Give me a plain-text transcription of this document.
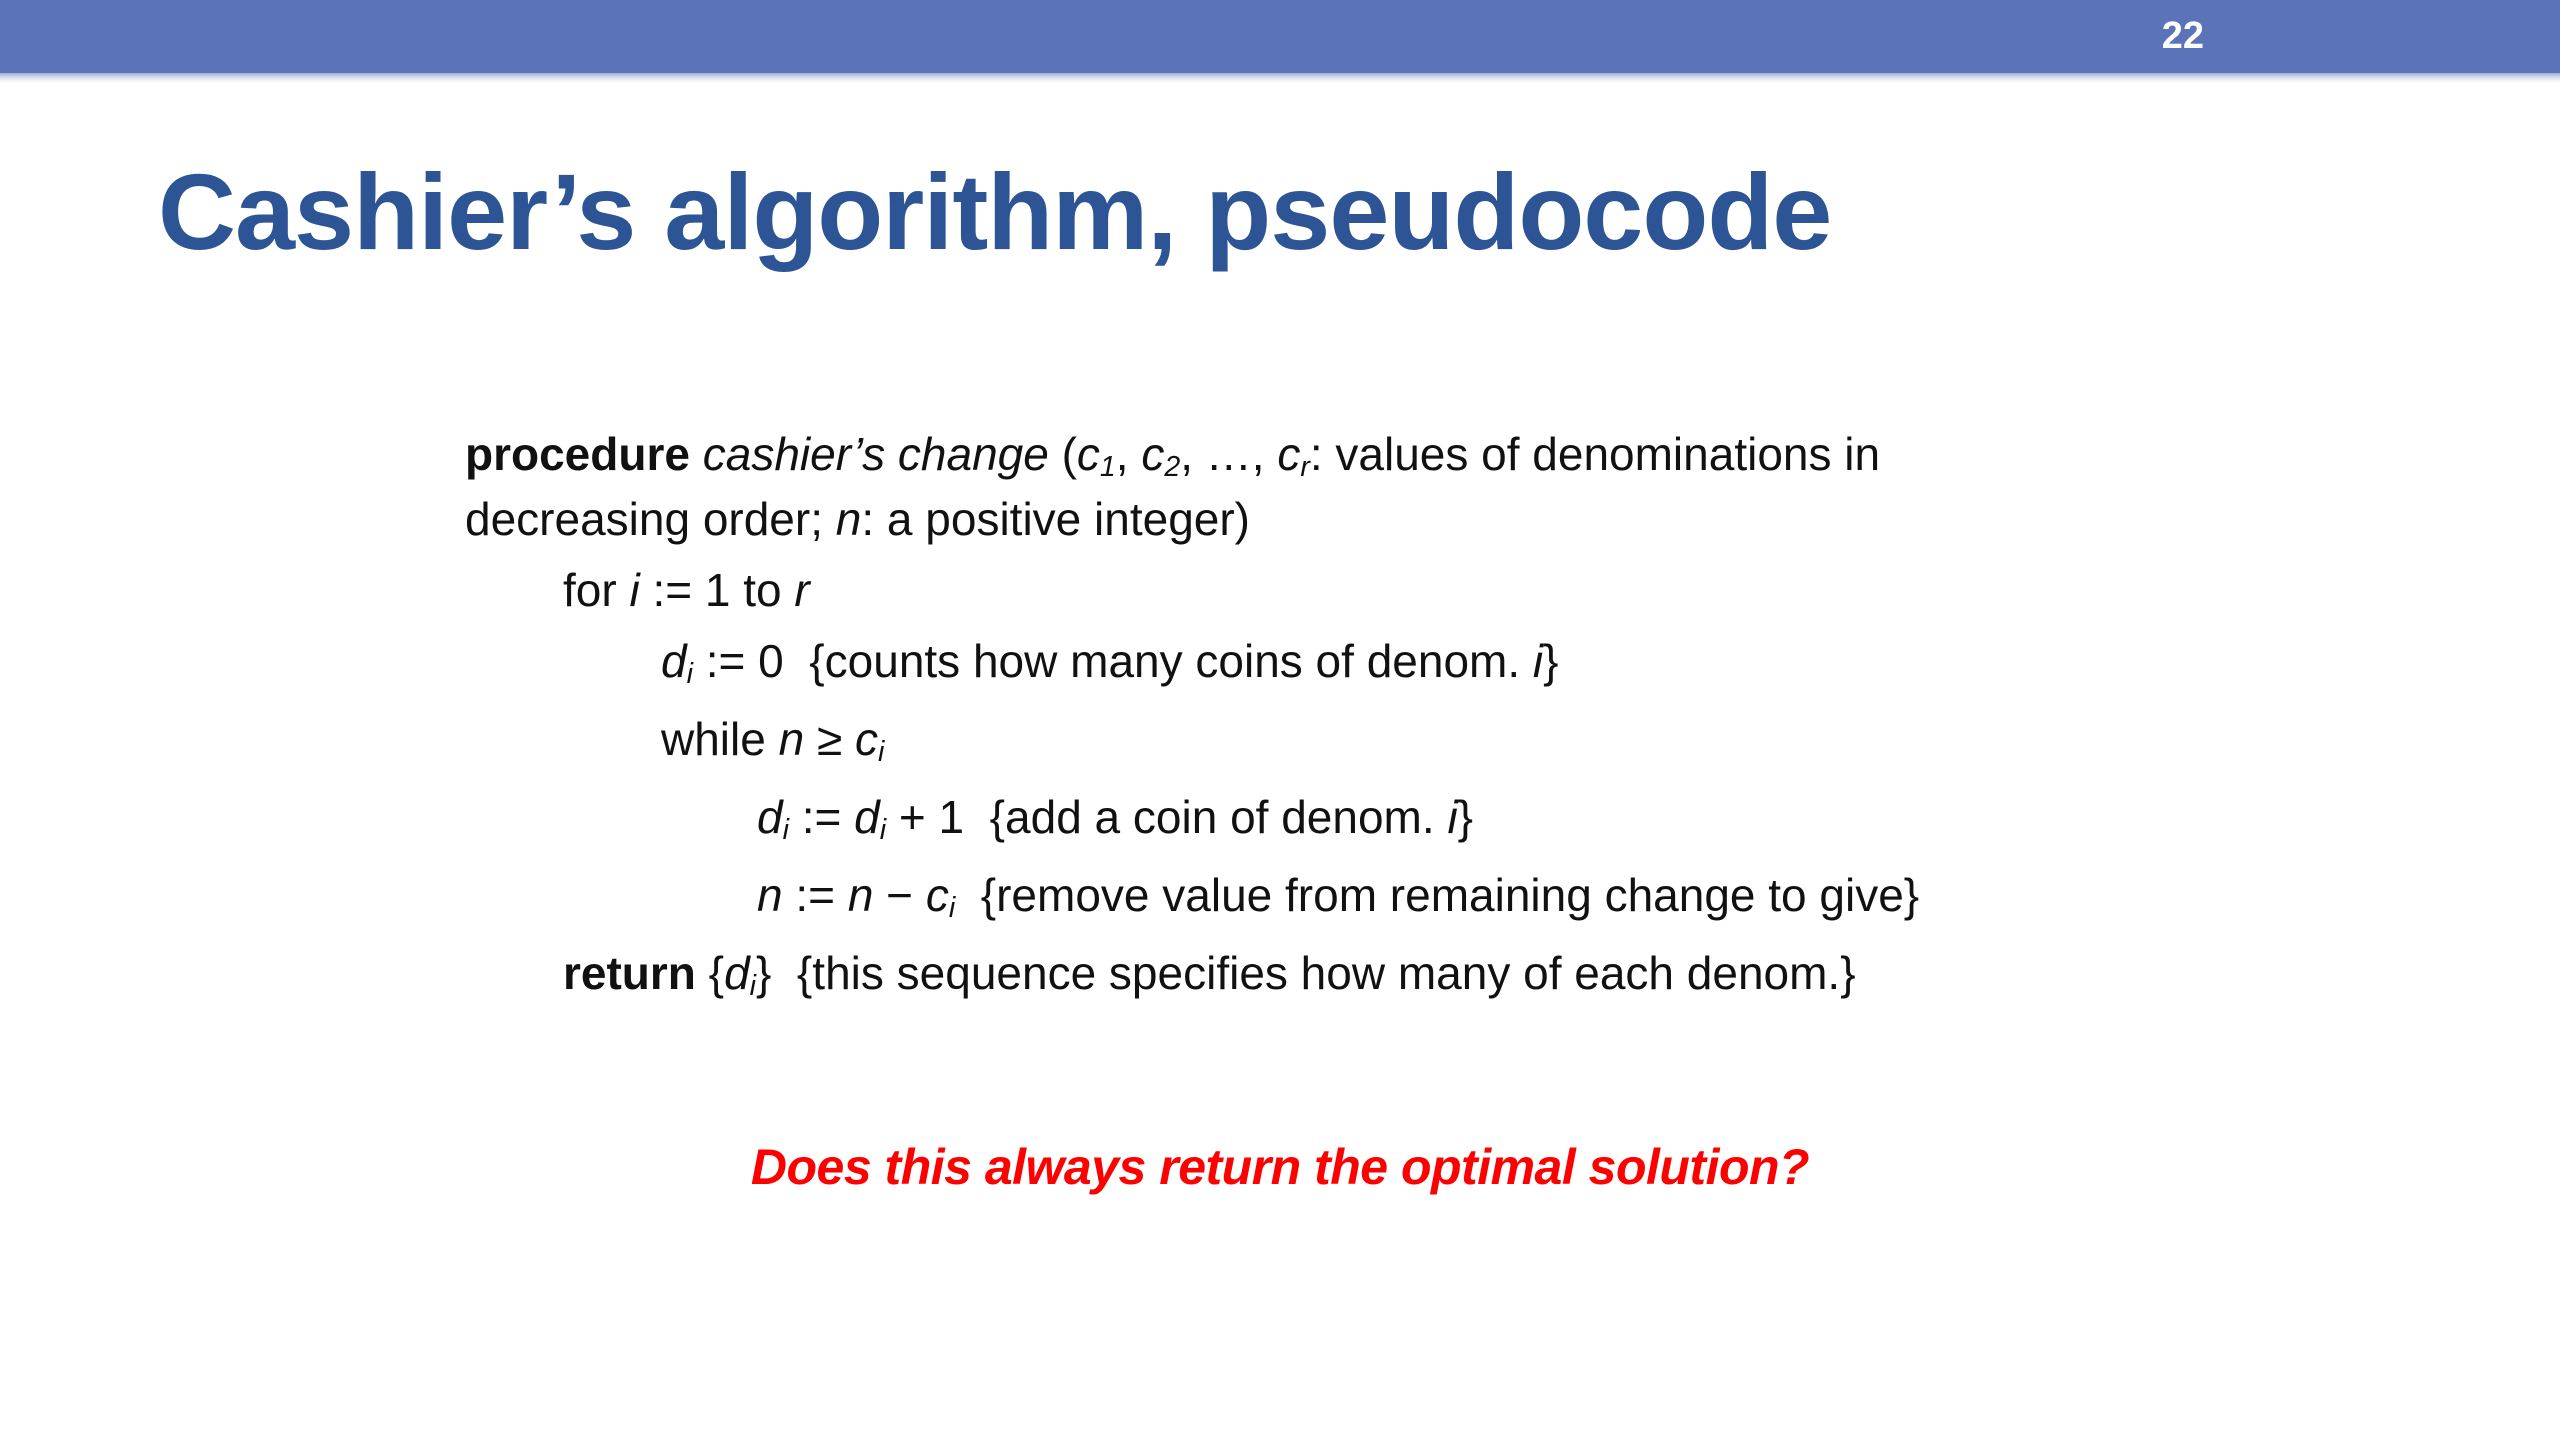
22
Cashier’s algorithm, pseudocode
procedure cashier’s change (c1, c2, …, cr: values of denominations in
decreasing order; n: a positive integer)
for i := 1 to r
di := 0  {counts how many coins of denom. i}
while n ≥ ci
di := di + 1  {add a coin of denom. i}
n := n − ci  {remove value from remaining change to give}
return {di}  {this sequence specifies how many of each denom.}
Does this always return the optimal solution?
